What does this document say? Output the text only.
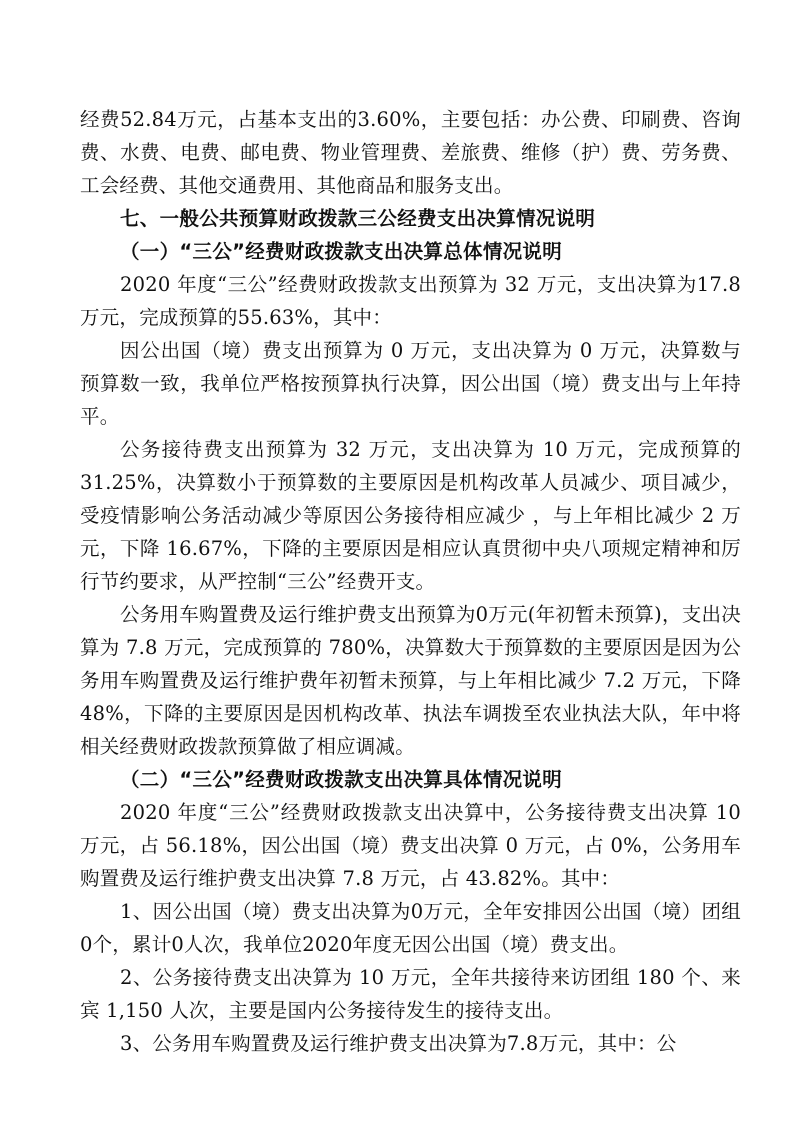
经费52.84万元，占基本支出的3.60%，主要包括：办公费、印刷费、咨询费、水费、电费、邮电费、物业管理费、差旅费、维修（护）费、劳务费、工会经费、其他交通费用、其他商品和服务支出。

七、一般公共预算财政拨款三公经费支出决算情况说明

（一）“三公”经费财政拨款支出决算总体情况说明

2020 年度“三公”经费财政拨款支出预算为 32 万元，支出决算为17.8万元，完成预算的55.63%，其中：

因公出国（境）费支出预算为 0 万元，支出决算为 0 万元，决算数与预算数一致，我单位严格按预算执行决算，因公出国（境）费支出与上年持平。

公务接待费支出预算为 32 万元，支出决算为 10 万元，完成预算的 31.25%，决算数小于预算数的主要原因是机构改革人员减少、项目减少，受疫情影响公务活动减少等原因公务接待相应减少 ，与上年相比减少 2 万元，下降 16.67%，下降的主要原因是相应认真贯彻中央八项规定精神和厉行节约要求，从严控制“三公”经费开支。

公务用车购置费及运行维护费支出预算为0万元(年初暂未预算)，支出决算为 7.8 万元，完成预算的 780%，决算数大于预算数的主要原因是因为公务用车购置费及运行维护费年初暂未预算，与上年相比减少 7.2 万元，下降 48%，下降的主要原因是因机构改革、执法车调拨至农业执法大队，年中将相关经费财政拨款预算做了相应调减。

（二）“三公”经费财政拨款支出决算具体情况说明

2020 年度“三公”经费财政拨款支出决算中，公务接待费支出决算 10 万元，占 56.18%，因公出国（境）费支出决算 0 万元，占 0%，公务用车购置费及运行维护费支出决算 7.8 万元，占 43.82%。其中：

1、因公出国（境）费支出决算为0万元，全年安排因公出国（境）团组0个，累计0人次，我单位2020年度无因公出国（境）费支出。

2、公务接待费支出决算为 10 万元，全年共接待来访团组 180 个、来宾 1,150 人次，主要是国内公务接待发生的接待支出。

3、公务用车购置费及运行维护费支出决算为7.8万元，其中：公
